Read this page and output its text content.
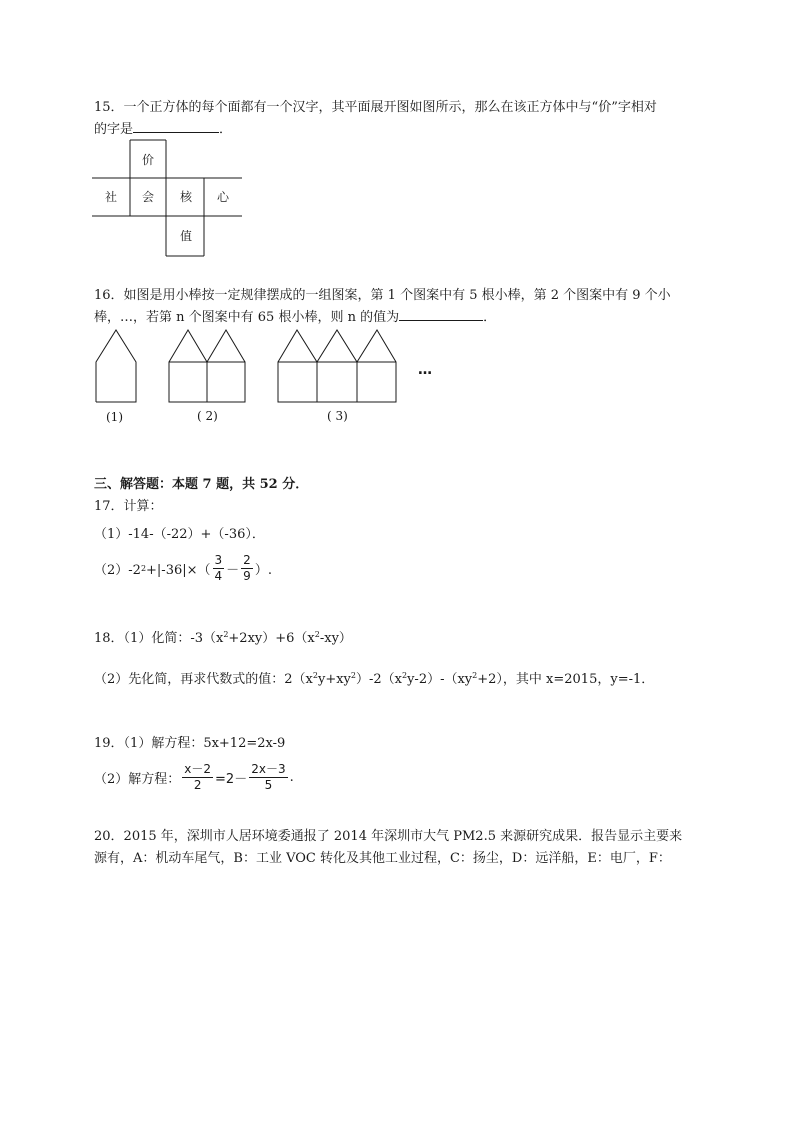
15．一个正方体的每个面都有一个汉字，其平面展开图如图所示，那么在该正方体中与“价”字相对
的字是	．
价
社	会	核	心
值
16．如图是用小棒按一定规律摆成的一组图案，第 1 个图案中有 5 根小棒，第 2 个图案中有 9 个小
棒，…，若第 n 个图案中有 65 根小棒，则 n 的值为	．
…
(1)	( 2)	( 3)
三、解答题：本题 7 题，共 52 分．
17．计算：
（1）-14-（-22）+（-36）．
（2）-2 $2 +|-36|\times( \frac{3}{4} - \frac{2}{9}$ ）.
18．（1）化简：$-3(x^2+2xy)+6(x^2-xy)$
（2）先化简，再求代数式的值：$2(x^2y+xy^2)-2(x^2y-2)-(xy^2+2)$，其中 x=2015，y=-1．
19．（1）解方程：5x+12=2x-9
（2）解方程： $\frac{x-2}{2} =2- \frac{2x-3}{5}$ .
20．2015 年，深圳市人居环境委通报了 2014 年深圳市大气 PM2.5 来源研究成果．报告显示主要来
源有，A：机动车尾气，B：工业 VOC 转化及其他工业过程，C：扬尘，D：远洋船，E：电厂，F：
